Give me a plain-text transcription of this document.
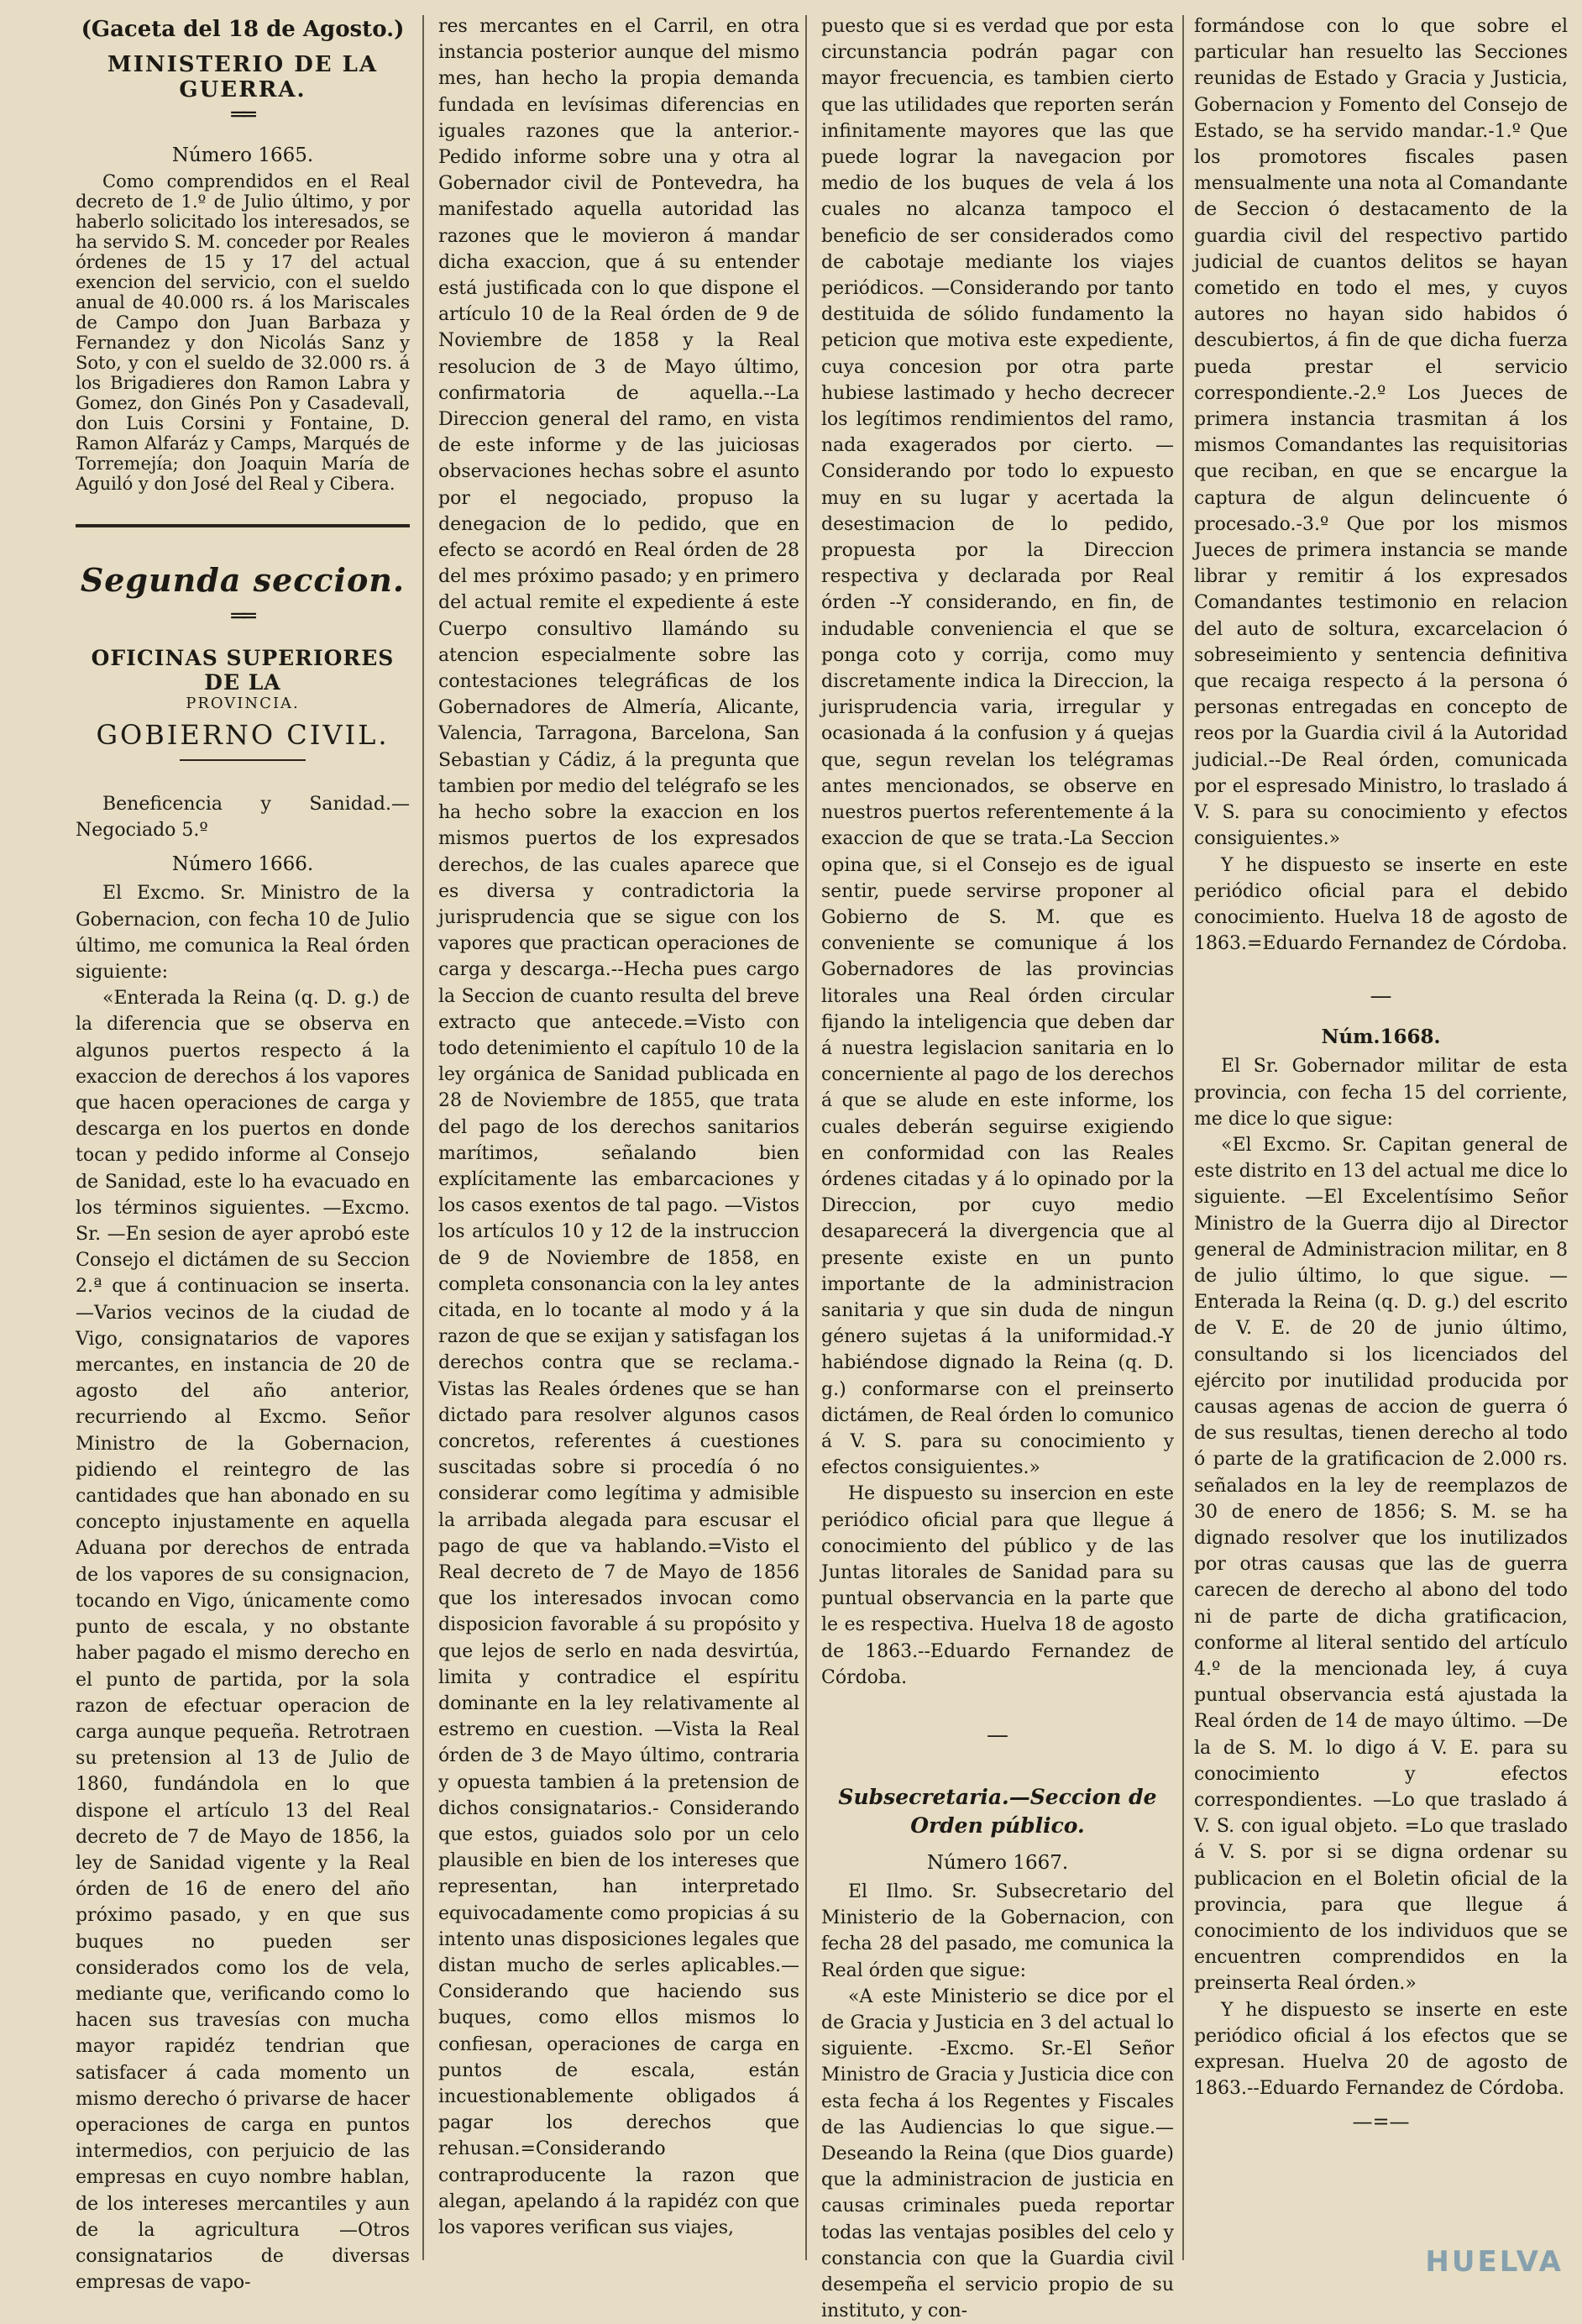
(Gaceta del 18 de Agosto.)
MINISTERIO DE LA GUERRA.
══
Número 1665.

Como comprendidos en el Real decreto de 1.º de Julio último, y por haberlo solicitado los interesados, se ha servido S. M. conceder por Reales órdenes de 15 y 17 del actual exencion del servicio, con el sueldo anual de 40.000 rs. á los Mariscales de Campo don Juan Barbaza y Fernandez y don Nicolás Sanz y Soto, y con el sueldo de 32.000 rs. á los Brigadieres don Ramon Labra y Gomez, don Ginés Pon y Casadevall, don Luis Corsini y Fontaine, D. Ramon Alfaráz y Camps, Marqués de Torremejía; don Joaquin María de Aguiló y don José del Real y Cibera.

Segunda seccion.
══
OFICINAS SUPERIORES DE LA
PROVINCIA.
GOBIERNO CIVIL.

Beneficencia y Sanidad.—Negociado 5.º

Número 1666.

El Excmo. Sr. Ministro de la Gobernacion, con fecha 10 de Julio último, me comunica la Real órden siguiente:

«Enterada la Reina (q. D. g.) de la diferencia que se observa en algunos puertos respecto á la exaccion de derechos á los vapores que hacen operaciones de carga y descarga en los puertos en donde tocan y pedido informe al Consejo de Sanidad, este lo ha evacuado en los términos siguientes. —Excmo. Sr. —En sesion de ayer aprobó este Consejo el dictámen de su Seccion 2.ª que á continuacion se inserta. —Varios vecinos de la ciudad de Vigo, consignatarios de vapores mercantes, en instancia de 20 de agosto del año anterior, recurriendo al Excmo. Señor Ministro de la Gobernacion, pidiendo el reintegro de las cantidades que han abonado en su concepto injustamente en aquella Aduana por derechos de entrada de los vapores de su consignacion, tocando en Vigo, únicamente como punto de escala, y no obstante haber pagado el mismo derecho en el punto de partida, por la sola razon de efectuar operacion de carga aunque pequeña. Retrotraen su pretension al 13 de Julio de 1860, fundándola en lo que dispone el artículo 13 del Real decreto de 7 de Mayo de 1856, la ley de Sanidad vigente y la Real órden de 16 de enero del año próximo pasado, y en que sus buques no pueden ser considerados como los de vela, mediante que, verificando como lo hacen sus travesías con mucha mayor rapidéz tendrian que satisfacer á cada momento un mismo derecho ó privarse de hacer operaciones de carga en puntos intermedios, con perjuicio de las empresas en cuyo nombre hablan, de los intereses mercantiles y aun de la agricultura —Otros consignatarios de diversas empresas de vapo-

res mercantes en el Carril, en otra instancia posterior aunque del mismo mes, han hecho la propia demanda fundada en levísimas diferencias en iguales razones que la anterior.-Pedido informe sobre una y otra al Gobernador civil de Pontevedra, ha manifestado aquella autoridad las razones que le movieron á mandar dicha exaccion, que á su entender está justificada con lo que dispone el artículo 10 de la Real órden de 9 de Noviembre de 1858 y la Real resolucion de 3 de Mayo último, confirmatoria de aquella.--La Direccion general del ramo, en vista de este informe y de las juiciosas observaciones hechas sobre el asunto por el negociado, propuso la denegacion de lo pedido, que en efecto se acordó en Real órden de 28 del mes próximo pasado; y en primero del actual remite el expediente á este Cuerpo consultivo llamándo su atencion especialmente sobre las contestaciones telegráficas de los Gobernadores de Almería, Alicante, Valencia, Tarragona, Barcelona, San Sebastian y Cádiz, á la pregunta que tambien por medio del telégrafo se les ha hecho sobre la exaccion en los mismos puertos de los expresados derechos, de las cuales aparece que es diversa y contradictoria la jurisprudencia que se sigue con los vapores que practican operaciones de carga y descarga.--Hecha pues cargo la Seccion de cuanto resulta del breve extracto que antecede.=Visto con todo detenimiento el capítulo 10 de la ley orgánica de Sanidad publicada en 28 de Noviembre de 1855, que trata del pago de los derechos sanitarios marítimos, señalando bien explícitamente las embarcaciones y los casos exentos de tal pago. —Vistos los artículos 10 y 12 de la instruccion de 9 de Noviembre de 1858, en completa consonancia con la ley antes citada, en lo tocante al modo y á la razon de que se exijan y satisfagan los derechos contra que se reclama.-Vistas las Reales órdenes que se han dictado para resolver algunos casos concretos, referentes á cuestiones suscitadas sobre si procedía ó no considerar como legítima y admisible la arribada alegada para escusar el pago de que va hablando.=Visto el Real decreto de 7 de Mayo de 1856 que los interesados invocan como disposicion favorable á su propósito y que lejos de serlo en nada desvirtúa, limita y contradice el espíritu dominante en la ley relativamente al estremo en cuestion. —Vista la Real órden de 3 de Mayo último, contraria y opuesta tambien á la pretension de dichos consignatarios.- Considerando que estos, guiados solo por un celo plausible en bien de los intereses que representan, han interpretado equivocadamente como propicias á su intento unas disposiciones legales que distan mucho de serles aplicables.—Considerando que haciendo sus buques, como ellos mismos lo confiesan, operaciones de carga en puntos de escala, están incuestionablemente obligados á pagar los derechos que rehusan.=Considerando contraproducente la razon que alegan, apelando á la rapidéz con que los vapores verifican sus viajes,

puesto que si es verdad que por esta circunstancia podrán pagar con mayor frecuencia, es tambien cierto que las utilidades que reporten serán infinitamente mayores que las que puede lograr la navegacion por medio de los buques de vela á los cuales no alcanza tampoco el beneficio de ser considerados como de cabotaje mediante los viajes periódicos. —Considerando por tanto destituida de sólido fundamento la peticion que motiva este expediente, cuya concesion por otra parte hubiese lastimado y hecho decrecer los legítimos rendimientos del ramo, nada exagerados por cierto. —Considerando por todo lo expuesto muy en su lugar y acertada la desestimacion de lo pedido, propuesta por la Direccion respectiva y declarada por Real órden --Y considerando, en fin, de indudable conveniencia el que se ponga coto y corrija, como muy discretamente indica la Direccion, la jurisprudencia varia, irregular y ocasionada á la confusion y á quejas que, segun revelan los telégramas antes mencionados, se observe en nuestros puertos referentemente á la exaccion de que se trata.-La Seccion opina que, si el Consejo es de igual sentir, puede servirse proponer al Gobierno de S. M. que es conveniente se comunique á los Gobernadores de las provincias litorales una Real órden circular fijando la inteligencia que deben dar á nuestra legislacion sanitaria en lo concerniente al pago de los derechos á que se alude en este informe, los cuales deberán seguirse exigiendo en conformidad con las Reales órdenes citadas y á lo opinado por la Direccion, por cuyo medio desaparecerá la divergencia que al presente existe en un punto importante de la administracion sanitaria y que sin duda de ningun género sujetas á la uniformidad.-Y habiéndose dignado la Reina (q. D. g.) conformarse con el preinserto dictámen, de Real órden lo comunico á V. S. para su conocimiento y efectos consiguientes.»

He dispuesto su insercion en este periódico oficial para que llegue á conocimiento del público y de las Juntas litorales de Sanidad para su puntual observancia en la parte que le es respectiva. Huelva 18 de agosto de 1863.--Eduardo Fernandez de Córdoba.

—
Subsecretaria.—Seccion de Orden público.
Número 1667.

El Ilmo. Sr. Subsecretario del Ministerio de la Gobernacion, con fecha 28 del pasado, me comunica la Real órden que sigue:

«A este Ministerio se dice por el de Gracia y Justicia en 3 del actual lo siguiente. -Excmo. Sr.-El Señor Ministro de Gracia y Justicia dice con esta fecha á los Regentes y Fiscales de las Audiencias lo que sigue.—Deseando la Reina (que Dios guarde) que la administracion de justicia en causas criminales pueda reportar todas las ventajas posibles del celo y constancia con que la Guardia civil desempeña el servicio propio de su instituto, y con-

formándose con lo que sobre el particular han resuelto las Secciones reunidas de Estado y Gracia y Justicia, Gobernacion y Fomento del Consejo de Estado, se ha servido mandar.-1.º Que los promotores fiscales pasen mensualmente una nota al Comandante de Seccion ó destacamento de la guardia civil del respectivo partido judicial de cuantos delitos se hayan cometido en todo el mes, y cuyos autores no hayan sido habidos ó descubiertos, á fin de que dicha fuerza pueda prestar el servicio correspondiente.-2.º Los Jueces de primera instancia trasmitan á los mismos Comandantes las requisitorias que reciban, en que se encargue la captura de algun delincuente ó procesado.-3.º Que por los mismos Jueces de primera instancia se mande librar y remitir á los expresados Comandantes testimonio en relacion del auto de soltura, excarcelacion ó sobreseimiento y sentencia definitiva que recaiga respecto á la persona ó personas entregadas en concepto de reos por la Guardia civil á la Autoridad judicial.--De Real órden, comunicada por el espresado Ministro, lo traslado á V. S. para su conocimiento y efectos consiguientes.»

Y he dispuesto se inserte en este periódico oficial para el debido conocimiento. Huelva 18 de agosto de 1863.=Eduardo Fernandez de Córdoba.

—
Núm.1668.

El Sr. Gobernador militar de esta provincia, con fecha 15 del corriente, me dice lo que sigue:

«El Excmo. Sr. Capitan general de este distrito en 13 del actual me dice lo siguiente. —El Excelentísimo Señor Ministro de la Guerra dijo al Director general de Administracion militar, en 8 de julio último, lo que sigue. —Enterada la Reina (q. D. g.) del escrito de V. E. de 20 de junio último, consultando si los licenciados del ejército por inutilidad producida por causas agenas de accion de guerra ó de sus resultas, tienen derecho al todo ó parte de la gratificacion de 2.000 rs. señalados en la ley de reemplazos de 30 de enero de 1856; S. M. se ha dignado resolver que los inutilizados por otras causas que las de guerra carecen de derecho al abono del todo ni de parte de dicha gratificacion, conforme al literal sentido del artículo 4.º de la mencionada ley, á cuya puntual observancia está ajustada la Real órden de 14 de mayo último. —De la de S. M. lo digo á V. E. para su conocimiento y efectos correspondientes. —Lo que traslado á V. S. con igual objeto. =Lo que traslado á V. S. por si se digna ordenar su publicacion en el Boletin oficial de la provincia, para que llegue á conocimiento de los individuos que se encuentren comprendidos en la preinserta Real órden.»

Y he dispuesto se inserte en este periódico oficial á los efectos que se expresan. Huelva 20 de agosto de 1863.--Eduardo Fernandez de Córdoba.

—=—
HUELVA
